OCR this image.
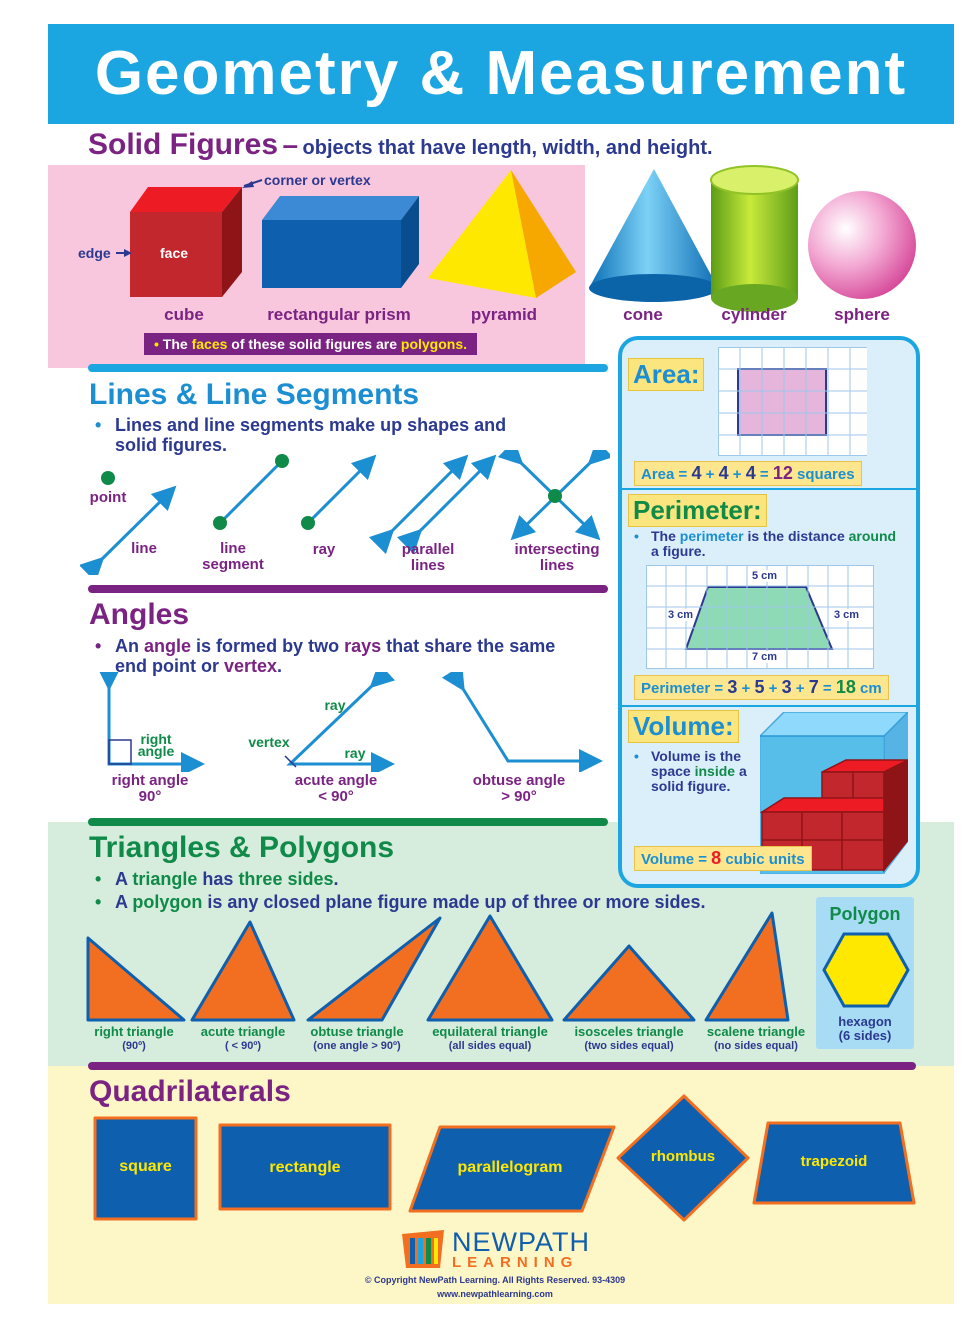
Geometry & Measurement
Solid Figures – objects that have length, width, and height.
corner or vertex
edge	face
cube	rectangular prism	pyramid	cone	cylinder	sphere
• The faces of these solid figures are polygons.
Lines & Line Segments
• Lines and line segments make up shapes and solid figures.
point
line	line
segment
ray	parallel
lines
intersecting
lines
Angles
• An angle is formed by two rays that share the same end point or vertex.
right
angle
right angle
90°
ray
ray
vertex
acute angle
< 90°
obtuse angle
> 90°
Area:
Area = 4 + 4 + 4 = 12 squares
Perimeter:
• The perimeter is the distance around a figure.
5 cm
7 cm
3 cm	3 cm
Perimeter = 3 + 5 + 3 + 7 = 18 cm
Volume:
• Volume is the space inside a solid figure.
Volume = 8 cubic units
Triangles & Polygons
• A triangle has three sides.
• A polygon is any closed plane figure made up of three or more sides.
right triangle
(90º)
acute triangle
( < 90º)
obtuse triangle
(one angle > 90º)
equilateral triangle
(all sides equal)
isosceles triangle
(two sides equal)
scalene triangle
(no sides equal)
Polygon
hexagon
(6 sides)
Quadrilaterals
square	rectangle	parallelogram
rhombus	trapezoid
NEWPATH
LEARNING
© Copyright NewPath Learning. All Rights Reserved. 93-4309
www.newpathlearning.com
